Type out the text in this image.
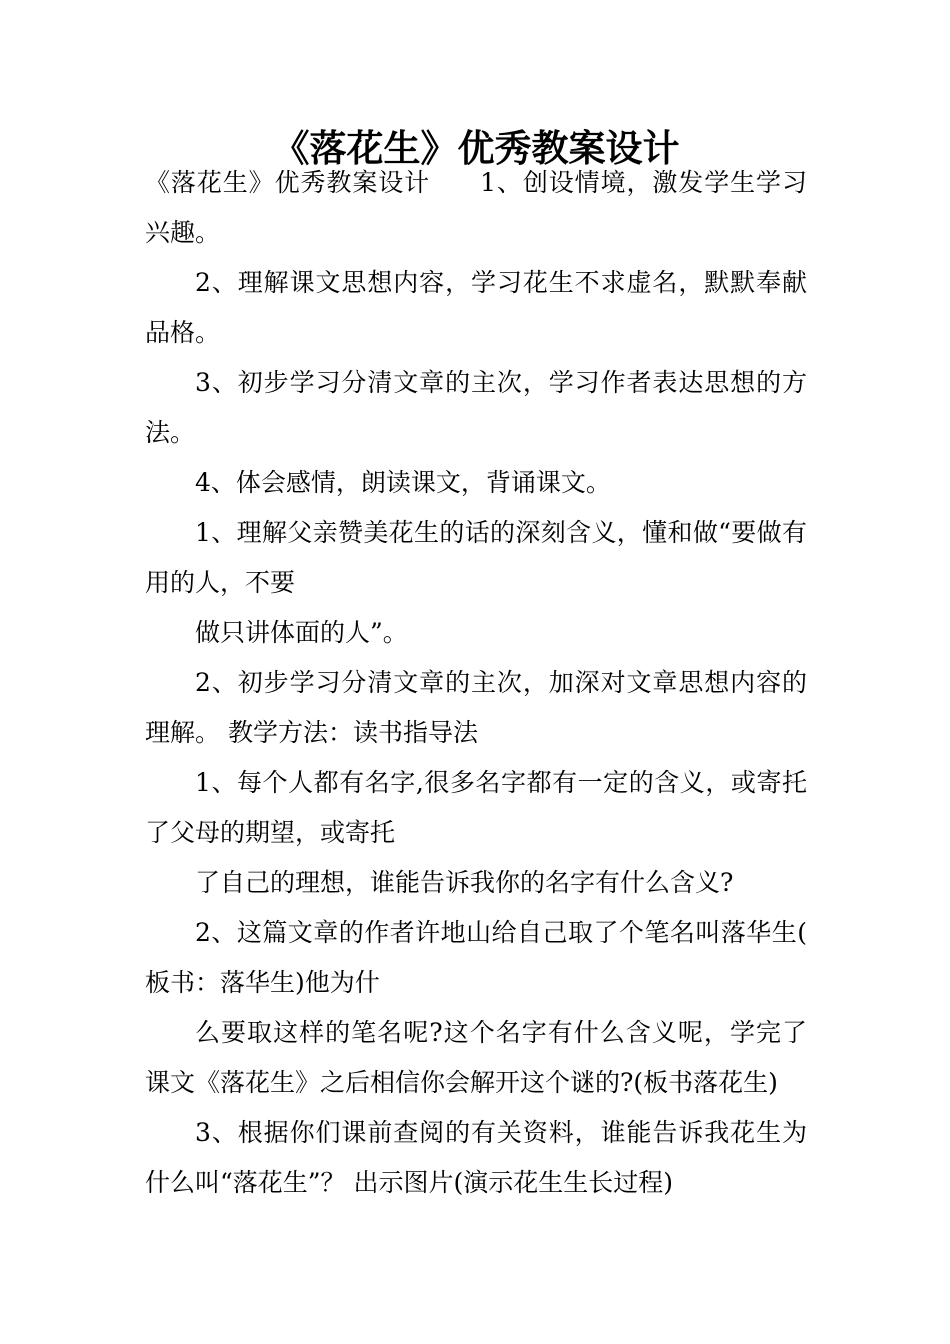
《落花生》优秀教案设计

《落花生》优秀教案设计 1、创设情境，激发学生学习兴趣。

2、理解课文思想内容，学习花生不求虚名，默默奉献品格。

3、初步学习分清文章的主次，学习作者表达思想的方法。

4、体会感情，朗读课文，背诵课文。

1、理解父亲赞美花生的话的深刻含义，懂和做“要做有用的人，不要

做只讲体面的人”。

2、初步学习分清文章的主次，加深对文章思想内容的理解。 教学方法：读书指导法

1、每个人都有名字,很多名字都有一定的含义，或寄托了父母的期望，或寄托

了自己的理想，谁能告诉我你的名字有什么含义?

2、这篇文章的作者许地山给自己取了个笔名叫落华生(板书：落华生)他为什

么要取这样的笔名呢?这个名字有什么含义呢，学完了课文《落花生》之后相信你会解开这个谜的?(板书落花生)

3、根据你们课前查阅的有关资料，谁能告诉我花生为什么叫“落花生”？ 出示图片(演示花生生长过程)
